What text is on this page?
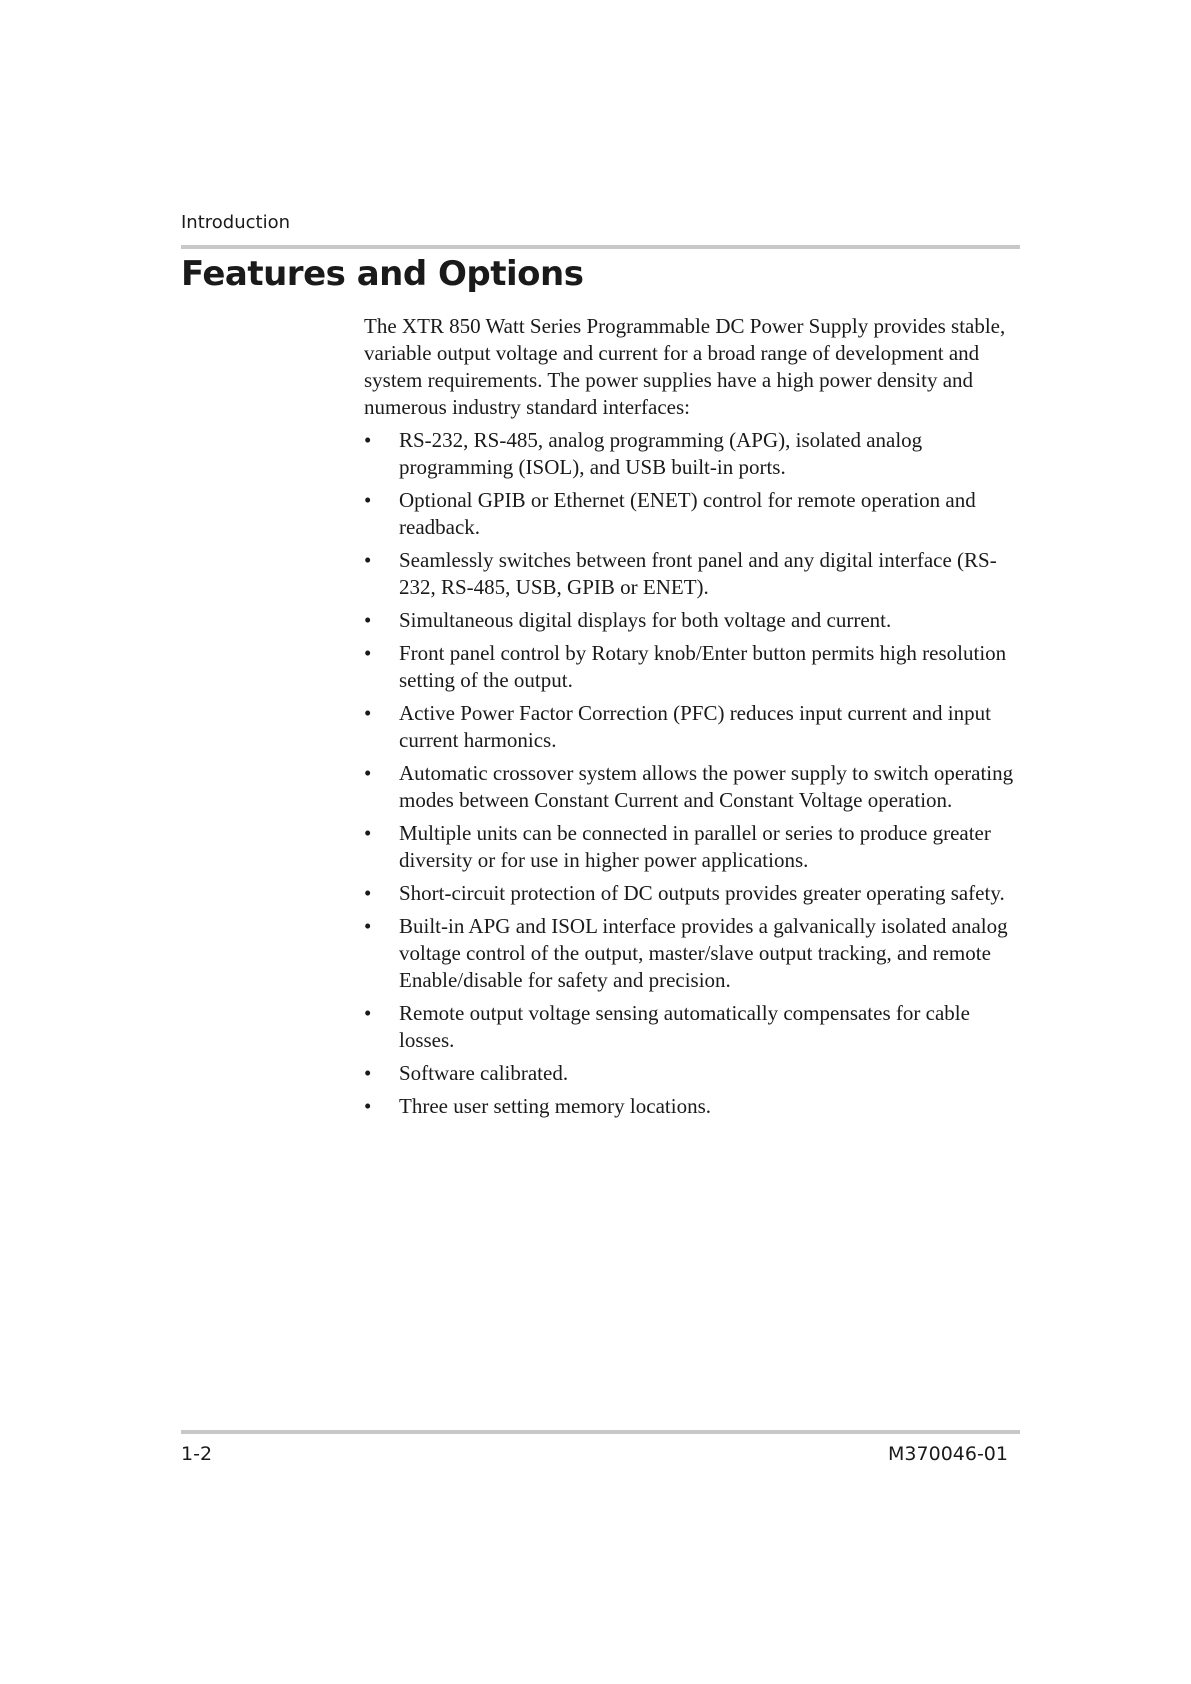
Introduction
Features and Options

The XTR 850 Watt Series Programmable DC Power Supply provides stable, variable output voltage and current for a broad range of development and system requirements. The power supplies have a high power density and numerous industry standard interfaces:

• RS-232, RS-485, analog programming (APG), isolated analog programming (ISOL), and USB built-in ports.
• Optional GPIB or Ethernet (ENET) control for remote operation and readback.
• Seamlessly switches between front panel and any digital interface (RS-232, RS-485, USB, GPIB or ENET).
• Simultaneous digital displays for both voltage and current.
• Front panel control by Rotary knob/Enter button permits high resolution setting of the output.
• Active Power Factor Correction (PFC) reduces input current and input current harmonics.
• Automatic crossover system allows the power supply to switch operating modes between Constant Current and Constant Voltage operation.
• Multiple units can be connected in parallel or series to produce greater diversity or for use in higher power applications.
• Short-circuit protection of DC outputs provides greater operating safety.
• Built-in APG and ISOL interface provides a galvanically isolated analog voltage control of the output, master/slave output tracking, and remote Enable/disable for safety and precision.
• Remote output voltage sensing automatically compensates for cable losses.
• Software calibrated.
• Three user setting memory locations.
1-2	M370046-01
